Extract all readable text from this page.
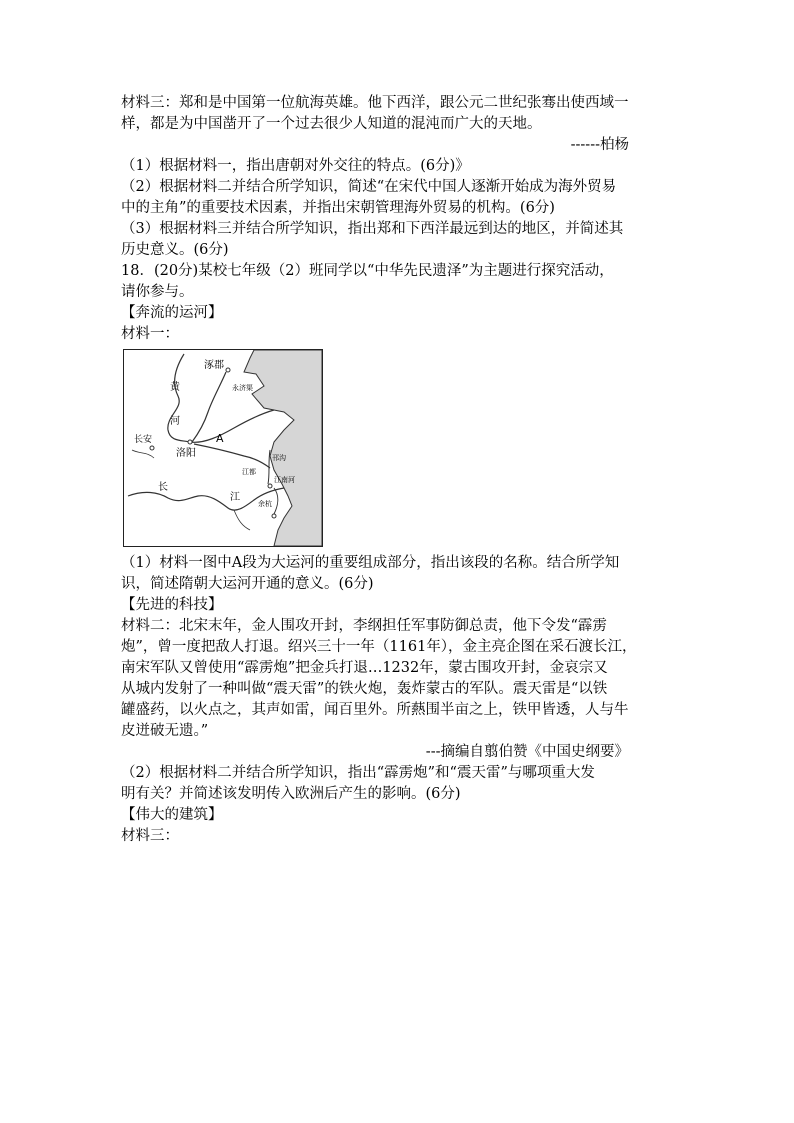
材料三：郑和是中国第一位航海英雄。他下西洋，跟公元二世纪张骞出使西域一

样，都是为中国凿开了一个过去很少人知道的混沌而广大的天地。

------柏杨

（1）根据材料一，指出唐朝对外交往的特点。(6分)》

（2）根据材料二并结合所学知识，简述“在宋代中国人逐渐开始成为海外贸易

中的主角”的重要技术因素，并指出宋朝管理海外贸易的机构。(6分)

（3）根据材料三并结合所学知识，指出郑和下西洋最远到达的地区，并简述其

历史意义。(6分)

18．(20分)某校七年级（2）班同学以“中华先民遗泽”为主题进行探究活动，

请你参与。

【奔流的运河】

材料一：

涿郡
永济渠
黄
河
长安
洛阳
A
邗沟
江都
江南河
长
江
余杭

（1）材料一图中A段为大运河的重要组成部分，指出该段的名称。结合所学知

识，简述隋朝大运河开通的意义。(6分)

【先进的科技】

材料二：北宋末年，金人围攻开封，李纲担任军事防御总责，他下令发“霹雳

炮”，曾一度把敌人打退。绍兴三十一年（1161年），金主亮企图在采石渡长江，

南宋军队又曾使用“霹雳炮”把金兵打退…1232年，蒙古围攻开封，金哀宗又

从城内发射了一种叫做“震天雷”的铁火炮，轰炸蒙古的军队。震天雷是“以铁

罐盛药，以火点之，其声如雷，闻百里外。所爇围半亩之上，铁甲皆透，人与牛

皮迸破无遗。”

---摘编自翦伯赞《中国史纲要》

（2）根据材料二并结合所学知识，指出“霹雳炮”和“震天雷”与哪项重大发

明有关？并简述该发明传入欧洲后产生的影响。(6分)

【伟大的建筑】

材料三：
